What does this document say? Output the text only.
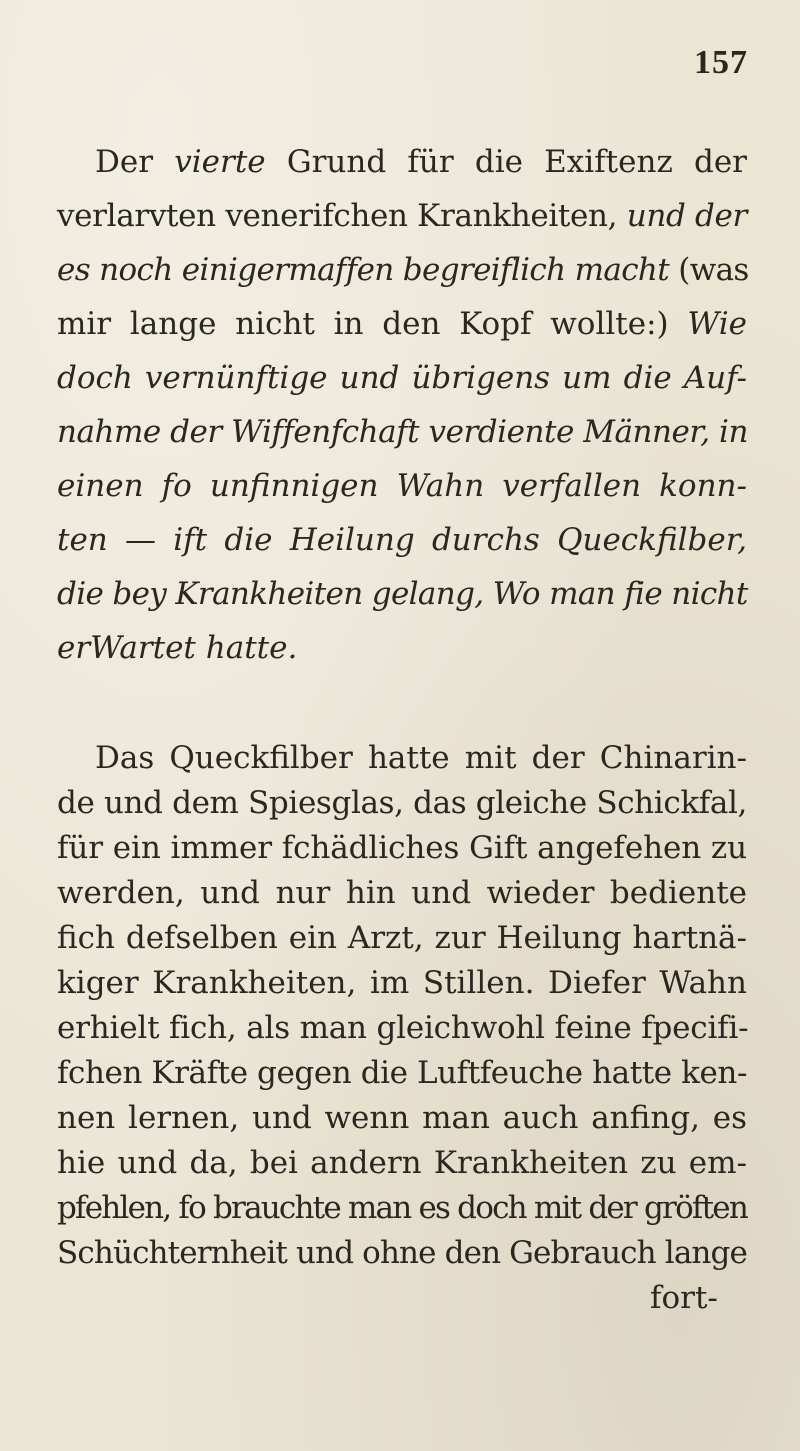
157
Der vierte Grund für die Exiftenz der
verlarvten venerifchen Krankheiten, und der
es noch einigermaffen begreiflich macht (was
mir lange nicht in den Kopf wollte:) Wie
doch vernünftige und übrigens um die Auf-
nahme der Wiffenfchaft verdiente Männer, in
einen fo unfinnigen Wahn verfallen konn-
ten — ift die Heilung durchs Queckfilber,
die bey Krankheiten gelang, Wo man fie nicht
erWartet hatte.
Das Queckfilber hatte mit der Chinarin-
de und dem Spiesglas, das gleiche Schickfal,
für ein immer fchädliches Gift angefehen zu
werden, und nur hin und wieder bediente
fich defselben ein Arzt, zur Heilung hartnä-
kiger Krankheiten, im Stillen. Diefer Wahn
erhielt fich, als man gleichwohl feine fpecifi-
fchen Kräfte gegen die Luftfeuche hatte ken-
nen lernen, und wenn man auch anfing, es
hie und da, bei andern Krankheiten zu em-
pfehlen, fo brauchte man es doch mit der gröften
Schüchternheit und ohne den Gebrauch lange
fort-
